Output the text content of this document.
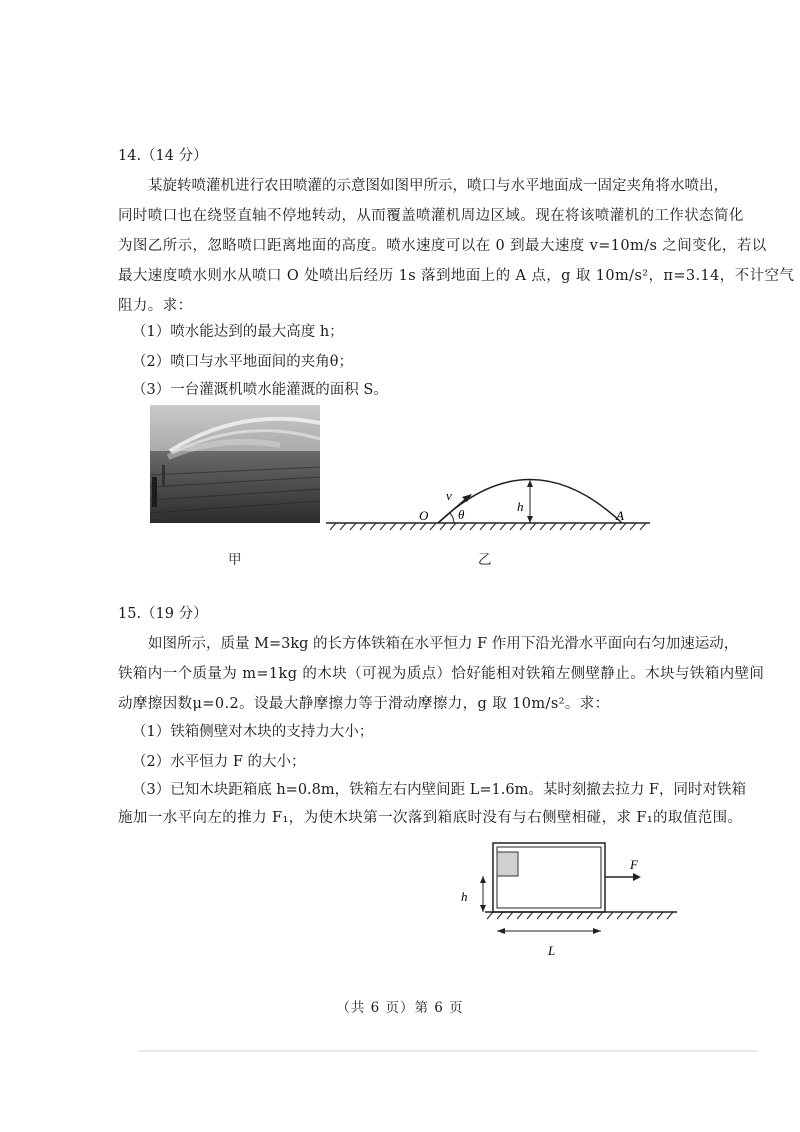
14.（14 分）
某旋转喷灌机进行农田喷灌的示意图如图甲所示，喷口与水平地面成一固定夹角将水喷出，
同时喷口也在绕竖直轴不停地转动，从而覆盖喷灌机周边区域。现在将该喷灌机的工作状态简化
为图乙所示，忽略喷口距离地面的高度。喷水速度可以在 0 到最大速度 v=10m/s 之间变化，若以
最大速度喷水则水从喷口 O 处喷出后经历 1s 落到地面上的 A 点，g 取 10m/s²，π=3.14，不计空气
阻力。求：
（1）喷水能达到的最大高度 h；
（2）喷口与水平地面间的夹角θ；
（3）一台灌溉机喷水能灌溉的面积 S。
甲
v
θ
h
O	A
乙
15.（19 分）
如图所示，质量 M=3kg 的长方体铁箱在水平恒力 F 作用下沿光滑水平面向右匀加速运动，
铁箱内一个质量为 m=1kg 的木块（可视为质点）恰好能相对铁箱左侧壁静止。木块与铁箱内壁间
动摩擦因数μ=0.2。设最大静摩擦力等于滑动摩擦力，g 取 10m/s²。求：
（1）铁箱侧壁对木块的支持力大小；
（2）水平恒力 F 的大小；
（3）已知木块距箱底 h=0.8m，铁箱左右内壁间距 L=1.6m。某时刻撤去拉力 F，同时对铁箱
施加一水平向左的推力 F₁，为使木块第一次落到箱底时没有与右侧壁相碰，求 F₁的取值范围。
F
h
L
（共 6 页）第 6 页
